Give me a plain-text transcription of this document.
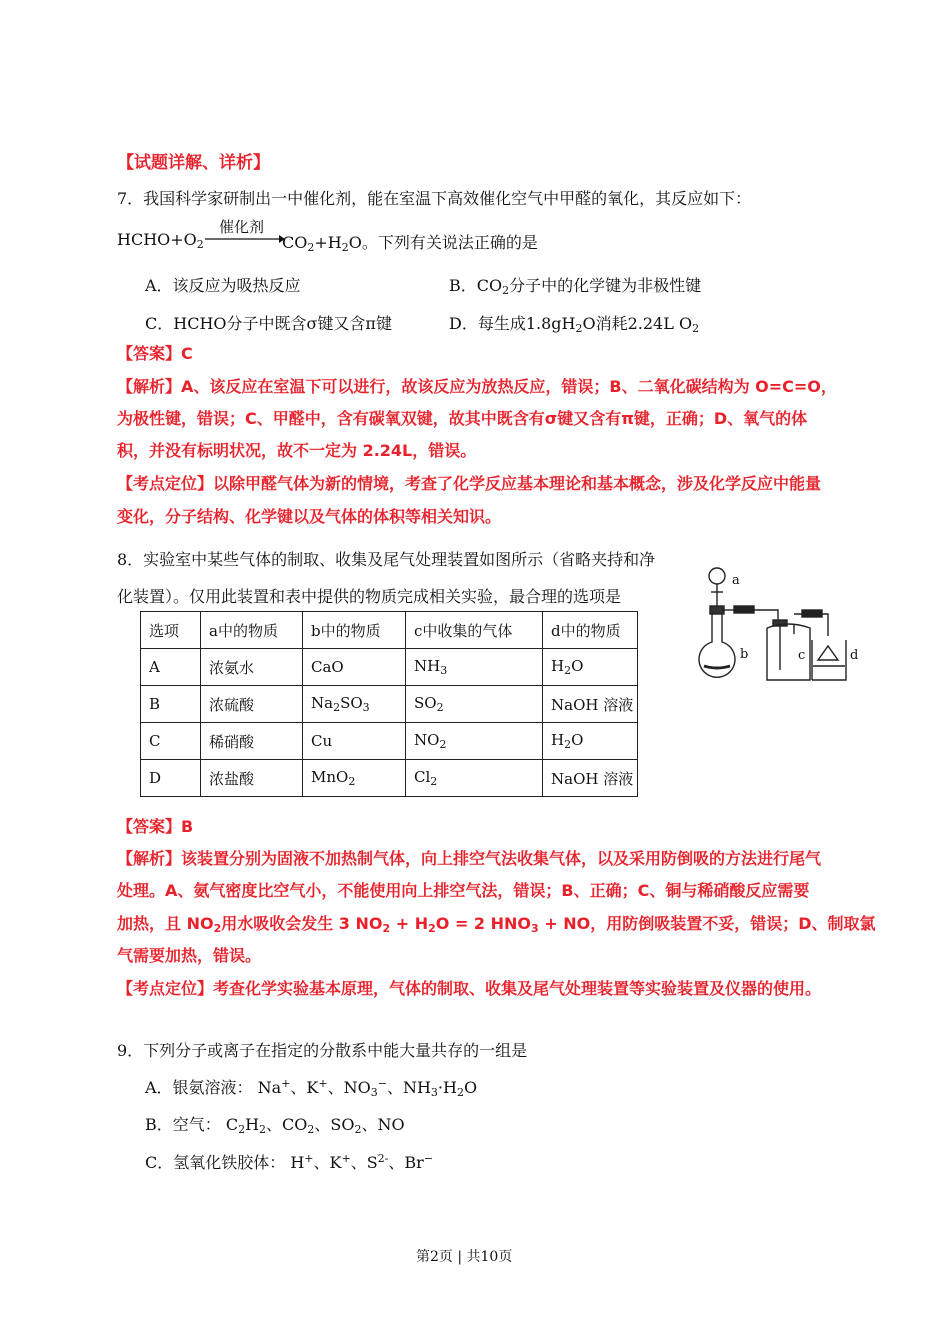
【试题详解、详析】
7．我国科学家研制出一中催化剂，能在室温下高效催化空气中甲醛的氧化，其反应如下：
$HCHO+O_2$
催化剂
$CO_2+H_2O$。下列有关说法正确的是
A．该反应为吸热反应	B．$CO_2$分子中的化学键为非极性键
C．HCHO分子中既含σ键又含π键	D．每生成$1.8gH_2O$消耗2.24L $O_2$
【答案】C
【解析】A、该反应在室温下可以进行，故该反应为放热反应，错误；B、二氧化碳结构为 O=C=O，
为极性键，错误；C、甲醛中，含有碳氧双键，故其中既含有σ键又含有π键，正确；D、氧气的体
积，并没有标明状况，故不一定为 2.24L，错误。
【考点定位】以除甲醛气体为新的情境，考查了化学反应基本理论和基本概念，涉及化学反应中能量
变化，分子结构、化学键以及气体的体积等相关知识。
8．实验室中某些气体的制取、收集及尾气处理装置如图所示（省略夹持和净
化装置）。仅用此装置和表中提供的物质完成相关实验，最合理的选项是
a
b	c	d
选项	a中的物质	b中的物质	c中收集的气体	d中的物质
A	浓氨水	CaO	$NH_3$	$H_2O$
B	浓硫酸	$Na_2SO_3$	$SO_2$	NaOH 溶液
C	稀硝酸	Cu	$NO_2$	$H_2O$
D	浓盐酸	MnO$_2$	$Cl_2$	NaOH 溶液
【答案】B
【解析】该装置分别为固液不加热制气体，向上排空气法收集气体，以及采用防倒吸的方法进行尾气
处理。A、氨气密度比空气小，不能使用向上排空气法，错误；B、正确；C、铜与稀硝酸反应需要
加热，且 $NO_2$用水吸收会发生 3 $NO_2 + H_2O = 2$ $HNO_3$ + NO，用防倒吸装置不妥，错误；D、制取氯
气需要加热，错误。
【考点定位】考查化学实验基本原理，气体的制取、收集及尾气处理装置等实验装置及仪器的使用。
9．下列分子或离子在指定的分散系中能大量共存的一组是
A．银氨溶液： Na+、K+、$NO_3^-$、$NH_3\cdot H_2O$
B．空气： $C_2H_2$、$CO_2$、$SO_2$、NO
C．氢氧化铁胶体： H+、K+、$S^{2-}$、Br−
第2页 | 共10页
